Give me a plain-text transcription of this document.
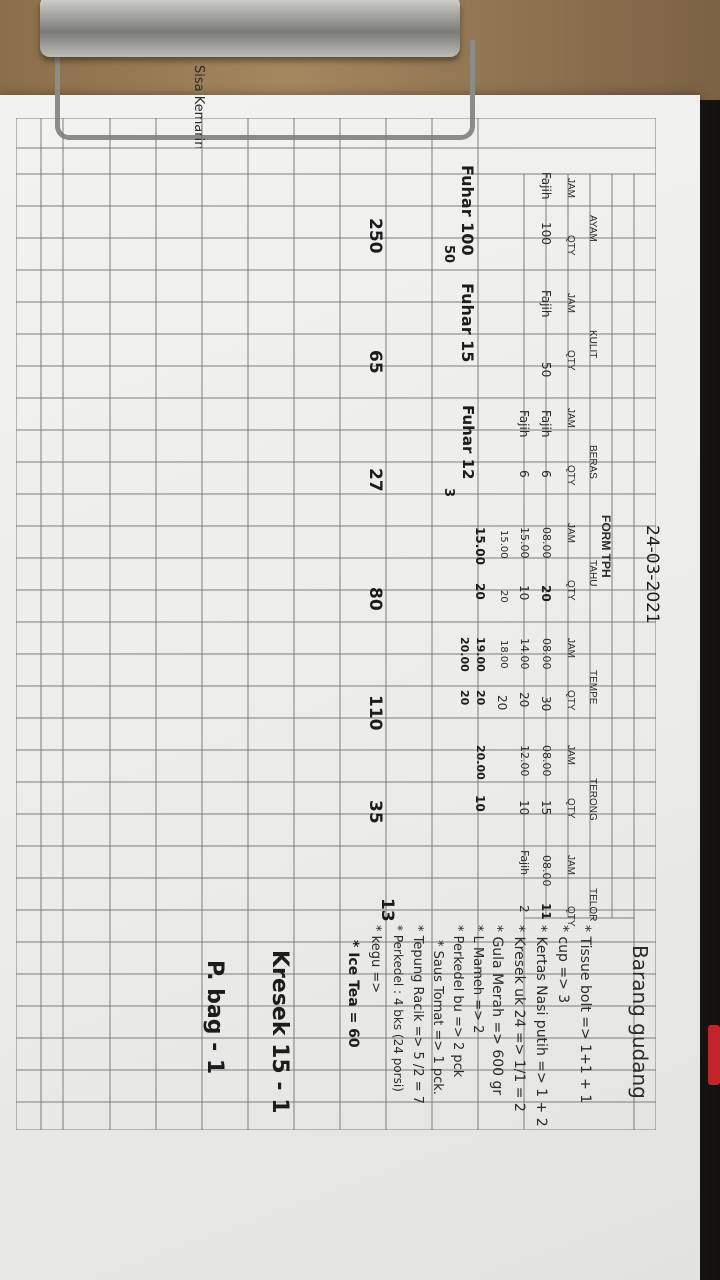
Sisa Kemarin
FORM TPH 24-03-2021
AYAM
KULIT
BERAS
TAHU
TEMPE
TERONG
TELOR
JAM
QTY
JAM
QTY
JAM
QTY
JAM
QTY
JAM
QTY
JAM
QTY
JAM
QTY
Fajih
100
Fajih
50
Fajih
6
08.00
20
08.00
30
08.00
15
08.00
11
Fajih
6
15.00
10
14.00
20
12.00
10
Fajih
2
15.00
20
18.00
20
Fuhar 100
50
Fuhar 15
Fuhar 12
3
15.00
20
19.00
20
20.00
20
20.00
10
250
65
27
80
110
35
13
Barang gudang
* Tissue bolt => 1+1 + 1
* cup => 3
* Kertas Nasi putih => 1 + 2
* Kresek uk 24 => 1/1 = 2
* Gula Merah => 600 gr
* L Mameh => 2
* Perkedel bu => 2 pck
* Saus Tomat => 1 pck.
* Tepung Racik => 5 /2 = 7
* Perkedel : 4 bks (24 porsi)
* kegu =>
* Ice Tea = 60
Kresek 15 - 1
P. bag - 1
